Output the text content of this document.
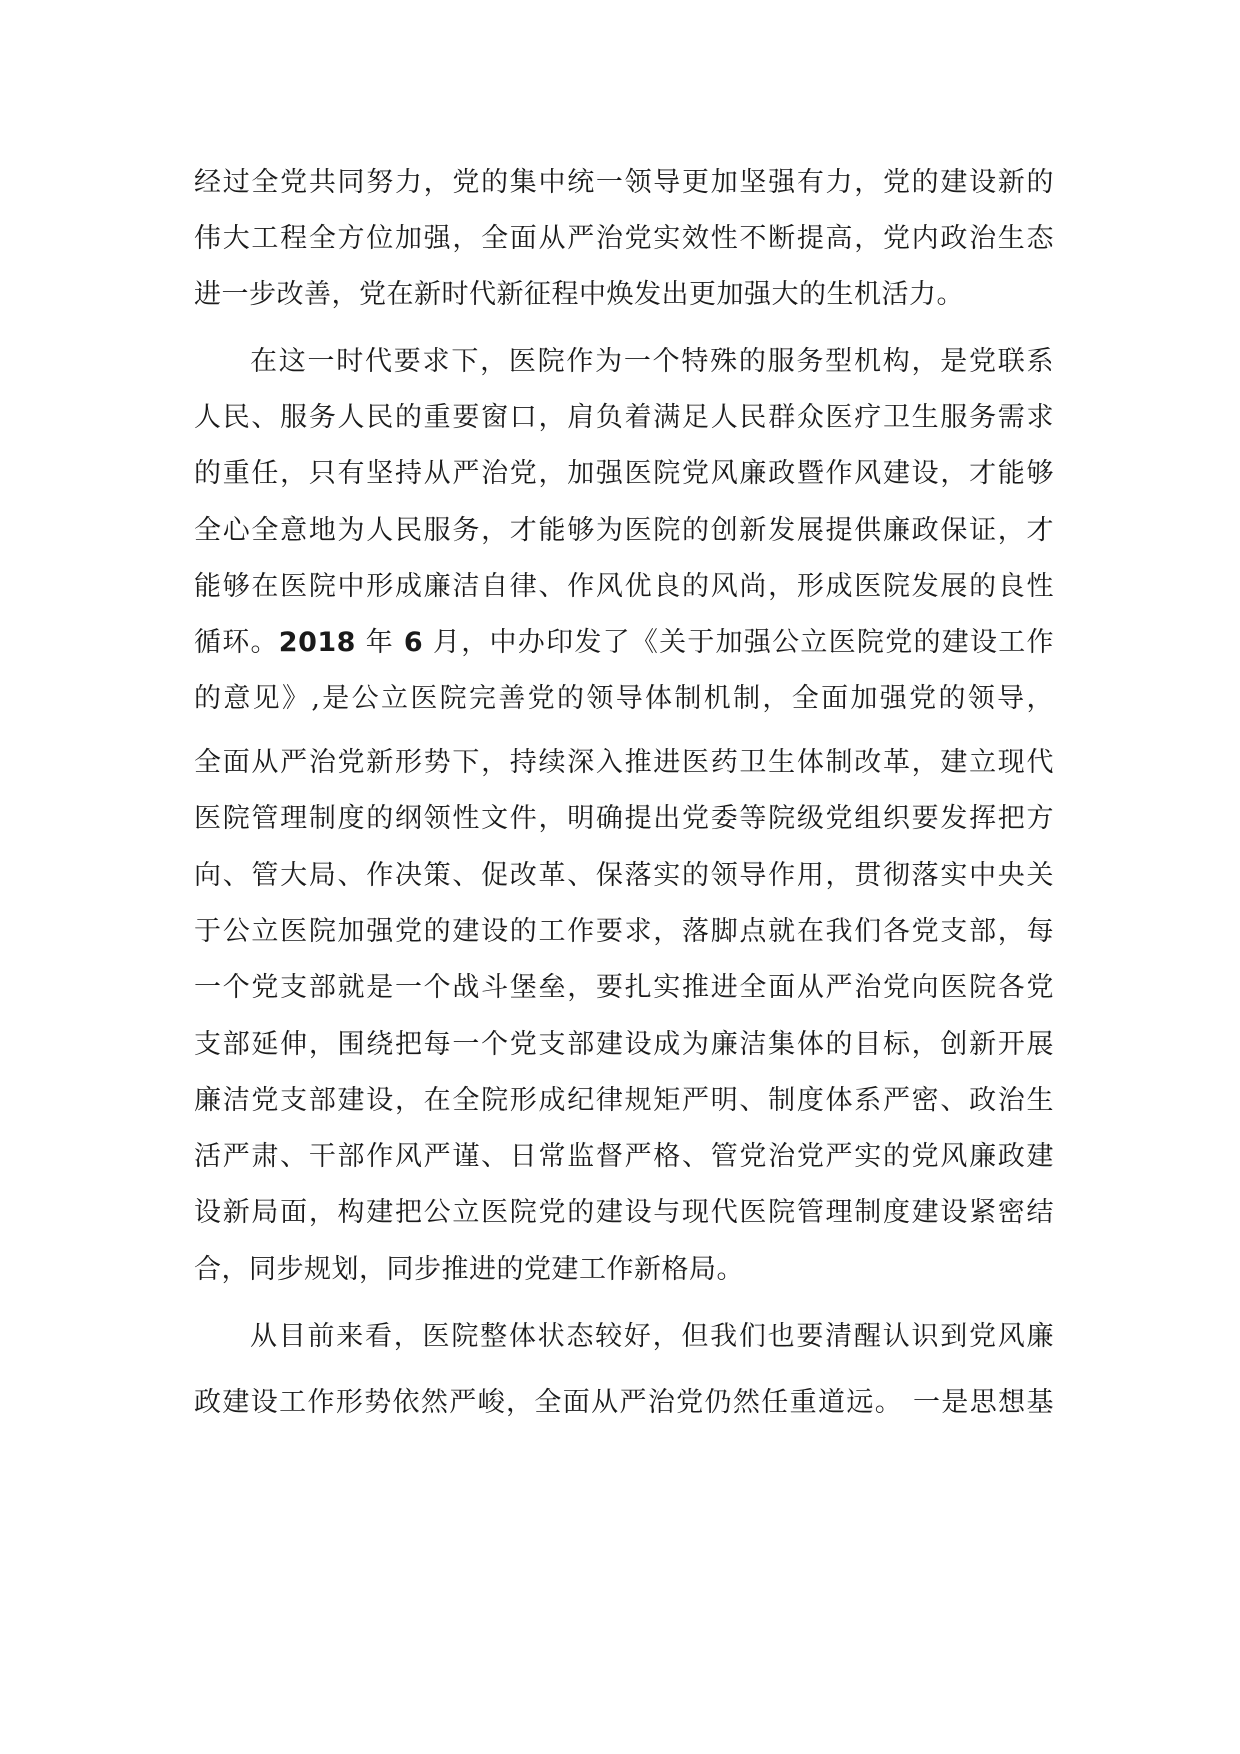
经过全党共同努力，党的集中统一领导更加坚强有力，党的建设新的

伟大工程全方位加强，全面从严治党实效性不断提高，党内政治生态

进一步改善，党在新时代新征程中焕发出更加强大的生机活力。

在这一时代要求下，医院作为一个特殊的服务型机构，是党联系

人民、服务人民的重要窗口，肩负着满足人民群众医疗卫生服务需求

的重任，只有坚持从严治党，加强医院党风廉政暨作风建设，才能够

全心全意地为人民服务，才能够为医院的创新发展提供廉政保证，才

能够在医院中形成廉洁自律、作风优良的风尚，形成医院发展的良性

循环。2018 年 6 月，中办印发了《关于加强公立医院党的建设工作

的意见》,是公立医院完善党的领导体制机制，全面加强党的领导，

全面从严治党新形势下，持续深入推进医药卫生体制改革，建立现代

医院管理制度的纲领性文件，明确提出党委等院级党组织要发挥把方

向、管大局、作决策、促改革、保落实的领导作用，贯彻落实中央关

于公立医院加强党的建设的工作要求，落脚点就在我们各党支部，每

一个党支部就是一个战斗堡垒，要扎实推进全面从严治党向医院各党

支部延伸，围绕把每一个党支部建设成为廉洁集体的目标，创新开展

廉洁党支部建设，在全院形成纪律规矩严明、制度体系严密、政治生

活严肃、干部作风严谨、日常监督严格、管党治党严实的党风廉政建

设新局面，构建把公立医院党的建设与现代医院管理制度建设紧密结

合，同步规划，同步推进的党建工作新格局。

从目前来看，医院整体状态较好，但我们也要清醒认识到党风廉

政建设工作形势依然严峻，全面从严治党仍然任重道远。 一是思想基
